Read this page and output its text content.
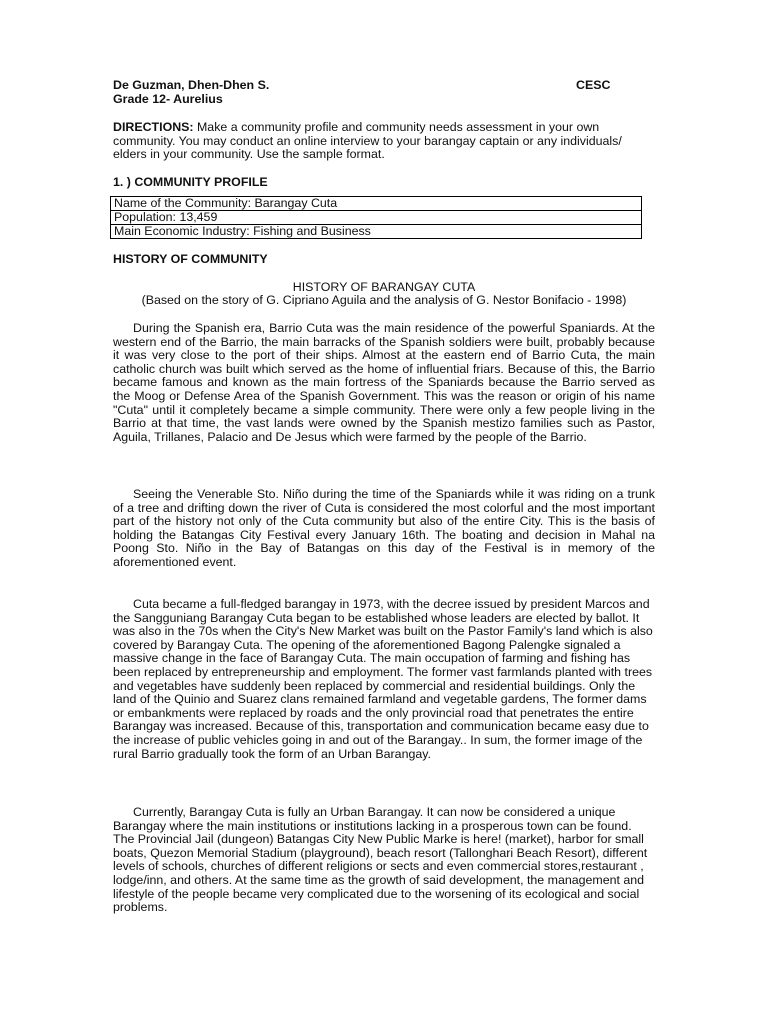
De Guzman, Dhen-Dhen S.	CESC
Grade 12- Aurelius
DIRECTIONS: Make a community profile and community needs assessment in your own community. You may conduct an online interview to your barangay captain or any individuals/ elders in your community. Use the sample format.
1. ) COMMUNITY PROFILE
Name of the Community: Barangay Cuta
Population: 13,459
Main Economic Industry: Fishing and Business
HISTORY OF COMMUNITY
HISTORY OF BARANGAY CUTA
(Based on the story of G. Cipriano Aguila and the analysis of G. Nestor Bonifacio - 1998)

During the Spanish era, Barrio Cuta was the main residence of the powerful Spaniards. At the western end of the Barrio, the main barracks of the Spanish soldiers were built, probably because it was very close to the port of their ships. Almost at the eastern end of Barrio Cuta, the main catholic church was built which served as the home of influential friars. Because of this, the Barrio became famous and known as the main fortress of the Spaniards because the Barrio served as the Moog or Defense Area of the Spanish Government. This was the reason or origin of his name "Cuta" until it completely became a simple community. There were only a few people living in the Barrio at that time, the vast lands were owned by the Spanish mestizo families such as Pastor, Aguila, Trillanes, Palacio and De Jesus which were farmed by the people of the Barrio.

Seeing the Venerable Sto. Niño during the time of the Spaniards while it was riding on a trunk of a tree and drifting down the river of Cuta is considered the most colorful and the most important part of the history not only of the Cuta community but also of the entire City. This is the basis of holding the Batangas City Festival every January 16th. The boating and decision in Mahal na Poong Sto. Niño in the Bay of Batangas on this day of the Festival is in memory of the aforementioned event.

Cuta became a full-fledged barangay in 1973, with the decree issued by president Marcos and the Sangguniang Barangay Cuta began to be established whose leaders are elected by ballot. It was also in the 70s when the City's New Market was built on the Pastor Family's land which is also covered by Barangay Cuta. The opening of the aforementioned Bagong Palengke signaled a massive change in the face of Barangay Cuta. The main occupation of farming and fishing has been replaced by entrepreneurship and employment. The former vast farmlands planted with trees and vegetables have suddenly been replaced by commercial and residential buildings. Only the land of the Quinio and Suarez clans remained farmland and vegetable gardens, The former dams or embankments were replaced by roads and the only provincial road that penetrates the entire Barangay was increased. Because of this, transportation and communication became easy due to the increase of public vehicles going in and out of the Barangay.. In sum, the former image of the rural Barrio gradually took the form of an Urban Barangay.

Currently, Barangay Cuta is fully an Urban Barangay. It can now be considered a unique Barangay where the main institutions or institutions lacking in a prosperous town can be found. The Provincial Jail (dungeon) Batangas City New Public Marke is here! (market), harbor for small boats, Quezon Memorial Stadium (playground), beach resort (Tallonghari Beach Resort), different levels of schools, churches of different religions or sects and even commercial stores,restaurant , lodge/inn, and others. At the same time as the growth of said development, the management and lifestyle of the people became very complicated due to the worsening of its ecological and social problems.
